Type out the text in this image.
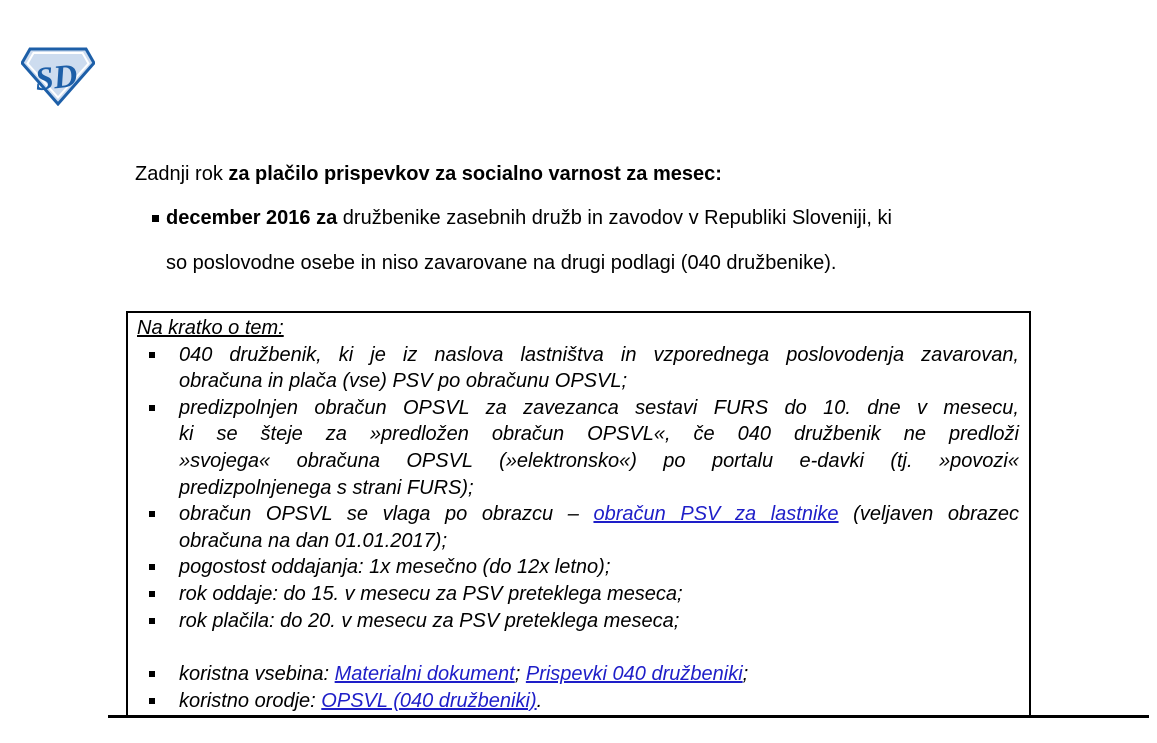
SD
Zadnji rok za plačilo prispevkov za socialno varnost za mesec:
december 2016 za družbenike zasebnih družb in zavodov v Republiki Sloveniji, ki
so poslovodne osebe in niso zavarovane na drugi podlagi (040 družbenike).
Na kratko o tem:
040 družbenik, ki je iz naslova lastništva in vzporednega poslovodenja zavarovan,
obračuna in plača (vse) PSV po obračunu OPSVL;
predizpolnjen obračun OPSVL za zavezanca sestavi FURS do 10. dne v mesecu,
ki se šteje za »predložen obračun OPSVL«, če 040 družbenik ne predloži
»svojega« obračuna OPSVL (»elektronsko«) po portalu e-davki (tj. »povozi«
predizpolnjenega s strani FURS);
obračun OPSVL se vlaga po obrazcu – obračun PSV za lastnike (veljaven obrazec
obračuna na dan 01.01.2017);
pogostost oddajanja: 1x mesečno (do 12x letno);
rok oddaje: do 15. v mesecu za PSV preteklega meseca;
rok plačila: do 20. v mesecu za PSV preteklega meseca;
koristna vsebina: Materialni dokument; Prispevki 040 družbeniki;
koristno orodje: OPSVL (040 družbeniki).
